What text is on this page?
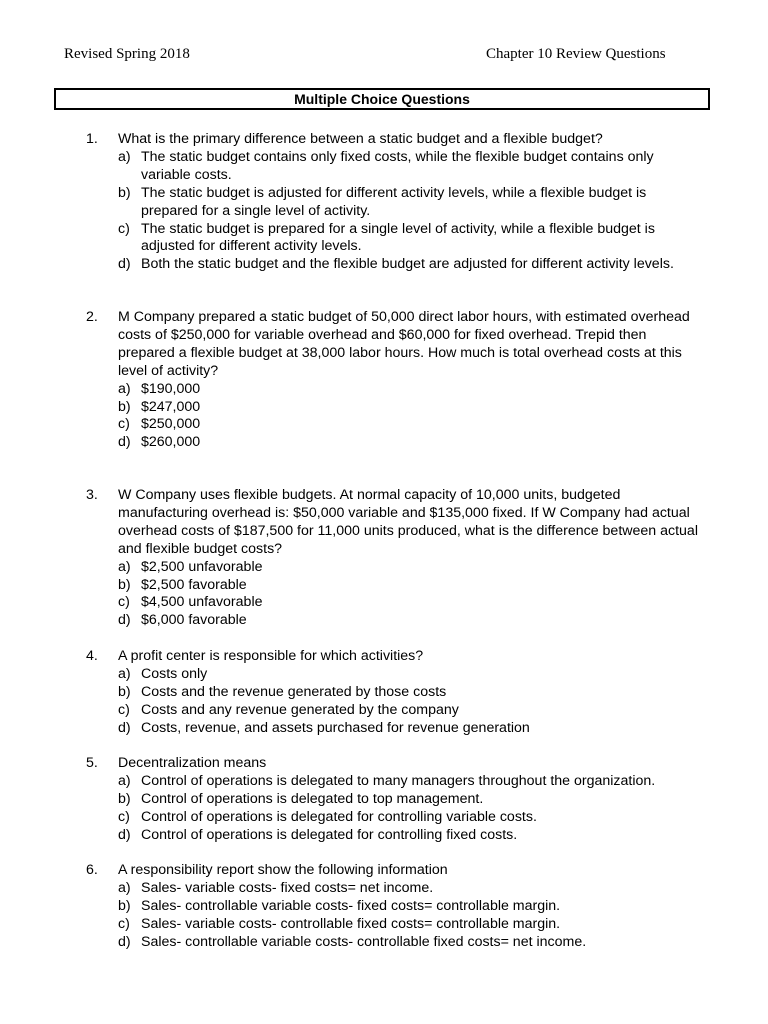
Revised Spring 2018	Chapter 10 Review Questions
Multiple Choice Questions
1.	What is the primary difference between a static budget and a flexible budget?
a) The static budget contains only fixed costs, while the flexible budget contains only variable costs.
b) The static budget is adjusted for different activity levels, while a flexible budget is prepared for a single level of activity.
c) The static budget is prepared for a single level of activity, while a flexible budget is adjusted for different activity levels.
d) Both the static budget and the flexible budget are adjusted for different activity levels.
2.	M Company prepared a static budget of 50,000 direct labor hours, with estimated overhead costs of $250,000 for variable overhead and $60,000 for fixed overhead. Trepid then prepared a flexible budget at 38,000 labor hours. How much is total overhead costs at this level of activity?
a) $190,000
b) $247,000
c) $250,000
d) $260,000
3.	W Company uses flexible budgets. At normal capacity of 10,000 units, budgeted manufacturing overhead is: $50,000 variable and $135,000 fixed. If W Company had actual overhead costs of $187,500 for 11,000 units produced, what is the difference between actual and flexible budget costs?
a) $2,500 unfavorable
b) $2,500 favorable
c) $4,500 unfavorable
d) $6,000 favorable
4.	A profit center is responsible for which activities?
a) Costs only
b) Costs and the revenue generated by those costs
c) Costs and any revenue generated by the company
d) Costs, revenue, and assets purchased for revenue generation
5.	Decentralization means
a) Control of operations is delegated to many managers throughout the organization.
b) Control of operations is delegated to top management.
c) Control of operations is delegated for controlling variable costs.
d) Control of operations is delegated for controlling fixed costs.
6.	A responsibility report show the following information
a) Sales- variable costs- fixed costs= net income.
b) Sales- controllable variable costs- fixed costs= controllable margin.
c) Sales- variable costs- controllable fixed costs= controllable margin.
d) Sales- controllable variable costs- controllable fixed costs= net income.
